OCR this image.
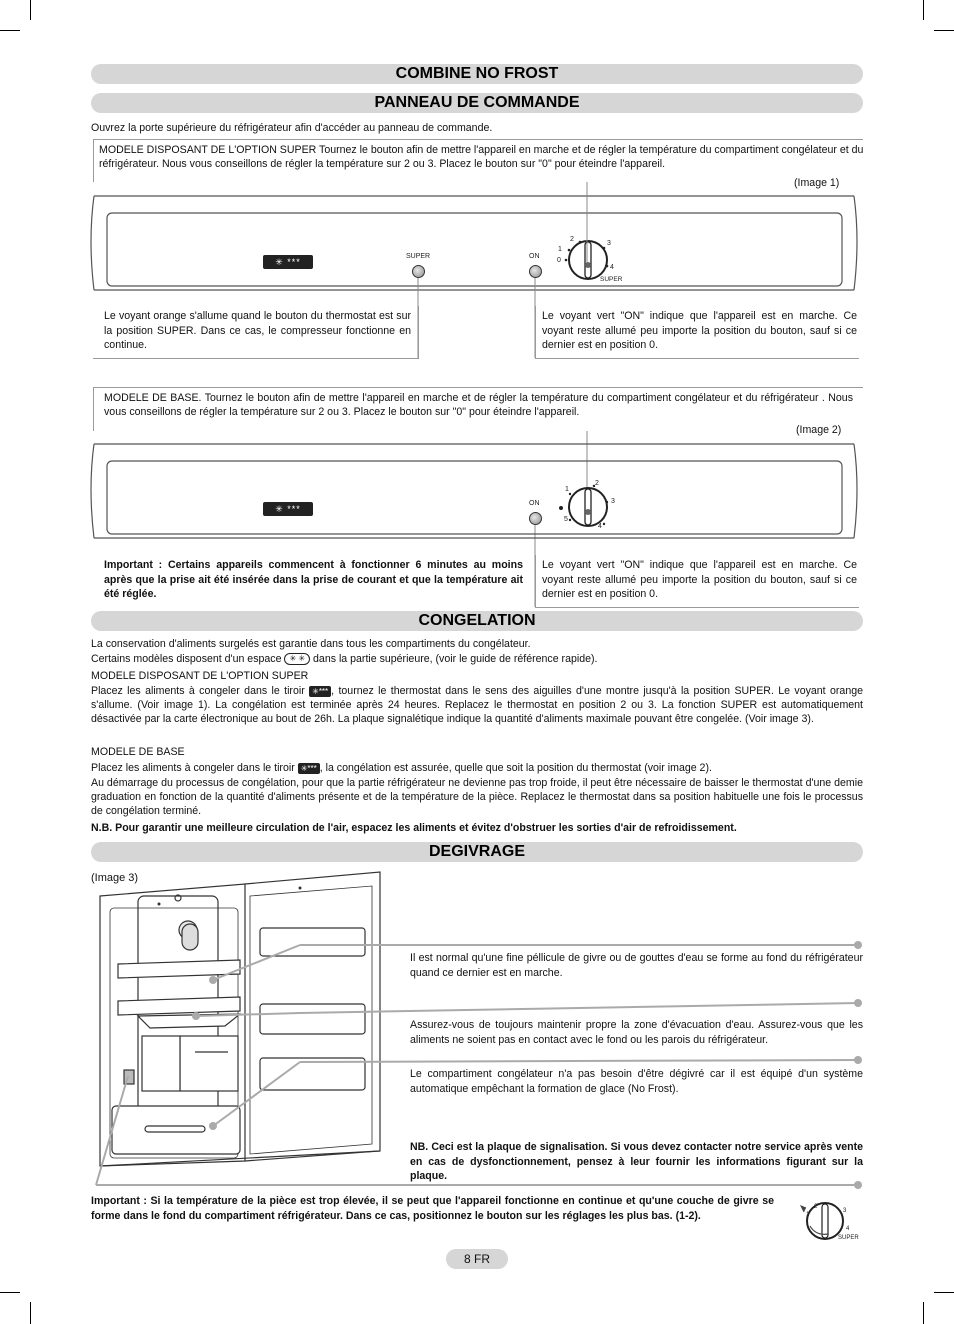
COMBINE NO FROST
PANNEAU DE COMMANDE
Ouvrez la porte supérieure du réfrigérateur afin d'accéder au panneau de commande.
MODELE DISPOSANT DE L'OPTION SUPER Tournez le bouton afin de mettre l'appareil en marche et de régler la température du compartiment congélateur et du réfrigérateur. Nous vous conseillons de régler la température sur 2 ou 3. Placez le bouton sur "0" pour éteindre l'appareil.
(Image 1)
✳ ***
SUPER	ON
0
1
2
3
4
SUPER
Le voyant orange s'allume quand le bouton du thermostat est sur la position SUPER. Dans ce cas, le compresseur fonctionne en continue.
Le voyant vert "ON" indique que l'appareil est en marche. Ce voyant reste allumé peu importe la position du bouton, sauf si ce dernier est en position 0.
MODELE DE BASE. Tournez le bouton afin de mettre l'appareil en marche et de régler la température du compartiment congélateur et du réfrigérateur . Nous vous conseillons de régler la température sur 2 ou 3. Placez le bouton sur "0" pour éteindre l'appareil.
(Image 2)
✳ ***
ON
1
2
3
4
5
Important : Certains appareils commencent à fonctionner 6 minutes au moins après que la prise ait été insérée dans la prise de courant et que la température ait été réglée.
Le voyant vert "ON" indique que l'appareil est en marche. Ce voyant reste allumé peu importe la position du bouton, sauf si ce dernier est en position 0.
CONGELATION
La conservation d'aliments surgelés est garantie dans tous les compartiments du congélateur.
Certains modèles disposent d'un espace ✳ ✳ dans la partie supérieure, (voir le guide de référence rapide).
MODELE DISPOSANT DE L'OPTION SUPER
Placez les aliments à congeler dans le tiroir ✳*** , tournez le thermostat dans le sens des aiguilles d'une montre jusqu'à la position SUPER. Le voyant orange s'allume. (Voir image 1). La congélation est terminée après 24 heures. Replacez le thermostat en position 2 ou 3. La fonction SUPER est automatiquement désactivée par la carte électronique au bout de 26h. La plaque signalétique indique la quantité d'aliments maximale pouvant être congelée. (Voir image 3).
MODELE DE BASE
Placez les aliments à congeler dans le tiroir ✳*** , la congélation est assurée, quelle que soit la position du thermostat (voir image 2).
Au démarrage du processus de congélation, pour que la partie réfrigérateur ne devienne pas trop froide, il peut être nécessaire de baisser le thermostat d'une demie graduation en fonction de la quantité d'aliments présente et de la température de la pièce. Replacez le thermostat dans sa position habituelle une fois le processus de congélation terminé.
N.B. Pour garantir une meilleure circulation de l'air, espacez les aliments et évitez d'obstruer les sorties d'air de refroidissement.
DEGIVRAGE
(Image 3)
Il est normal qu'une fine péllicule de givre ou de gouttes d'eau se forme au fond du réfrigérateur quand ce dernier est en marche.
Assurez-vous de toujours maintenir propre la zone d'évacuation d'eau. Assurez-vous que les aliments ne soient pas en contact avec le fond ou les parois du réfrigérateur.
Le compartiment congélateur n'a pas besoin d'être dégivré car il est équipé d'un système automatique empêchant la formation de glace (No Frost).
NB. Ceci est la plaque de signalisation. Si vous devez contacter notre service après vente en cas de dysfonctionnement, pensez à leur fournir les informations figurant sur la plaque.
Important : Si la température de la pièce est trop élevée, il se peut que l'appareil fonctionne en continue et qu'une couche de givre se forme dans le fond du compartiment réfrigérateur. Dans ce cas, positionnez le bouton sur les réglages les plus bas. (1-2).	1
2
3
4
SUPER
8 FR
